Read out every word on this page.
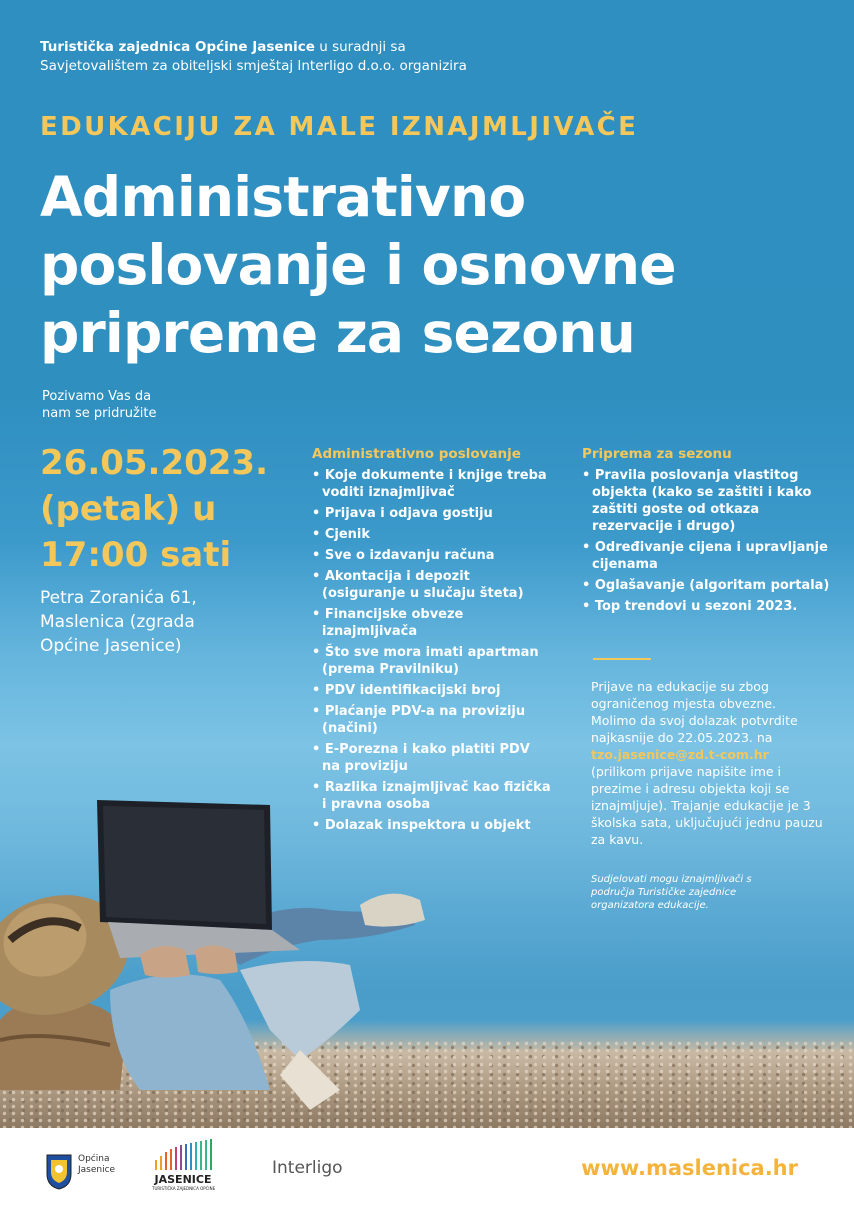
Turistička zajednica Općine Jasenice u suradnji sa
Savjetovalištem za obiteljski smještaj Interligo d.o.o. organizira
EDUKACIJU ZA MALE IZNAJMLJIVAČE
Administrativno
poslovanje i osnovne
pripreme za sezonu
Pozivamo Vas da
nam se pridružite
26.05.2023.
(petak) u
17:00 sati
Petra Zoranića 61,
Maslenica (zgrada
Općine Jasenice)
Administrativno poslovanje
• Koje dokumente i knjige treba voditi iznajmljivač
• Prijava i odjava gostiju
• Cjenik
• Sve o izdavanju računa
• Akontacija i depozit (osiguranje u slučaju šteta)
• Financijske obveze iznajmljivača
• Što sve mora imati apartman (prema Pravilniku)
• PDV identifikacijski broj
• Plaćanje PDV-a na proviziju (načini)
• E-Porezna i kako platiti PDV na proviziju
• Razlika iznajmljivač kao fizička i pravna osoba
• Dolazak inspektora u objekt
Priprema za sezonu
• Pravila poslovanja vlastitog objekta (kako se zaštiti i kako zaštiti goste od otkaza rezervacije i drugo)
• Određivanje cijena i upravljanje cijenama
• Oglašavanje (algoritam portala)
• Top trendovi u sezoni 2023.
Prijave na edukacije su zbog ograničenog mjesta obvezne. Molimo da svoj dolazak potvrdite najkasnije do 22.05.2023. na
tzo.jasenice@zd.t-com.hr
(prilikom prijave napišite ime i prezime i adresu objekta koji se iznajmljuje). Trajanje edukacije je 3 školska sata, uključujući jednu pauzu za kavu.
Sudjelovati mogu iznajmljivači s područja Turističke zajednice organizatora edukacije.
Općina
Jasenice
JASENICE
TURISTIČKA ZAJEDNICA OPĆINE
Interligo	www.maslenica.hr
